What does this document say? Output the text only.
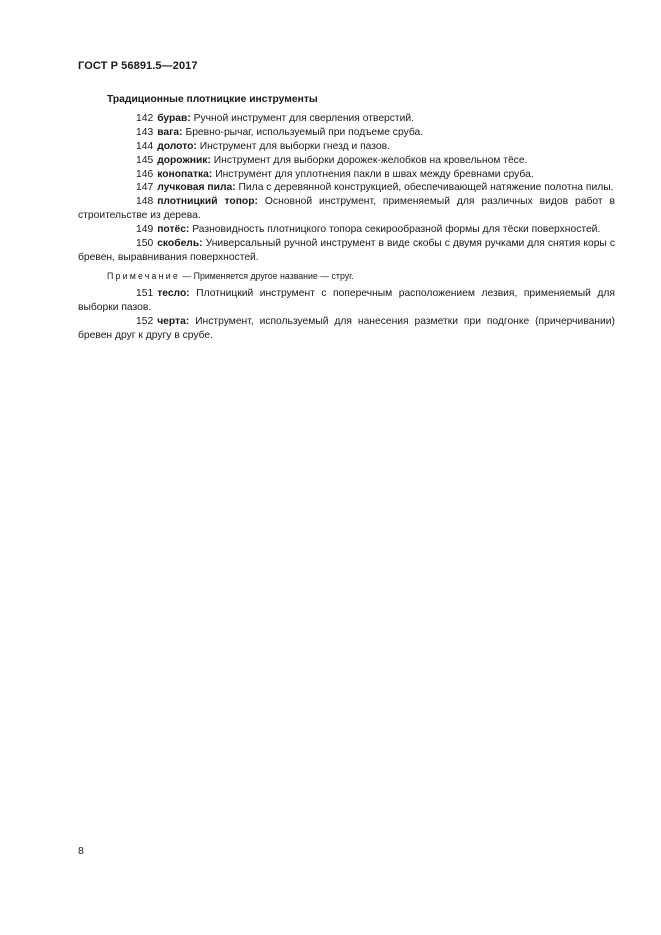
ГОСТ Р 56891.5—2017

Традиционные плотницкие инструменты

142 бурав: Ручной инструмент для сверления отверстий.

143 вага: Бревно-рычаг, используемый при подъеме сруба.

144 долото: Инструмент для выборки гнезд и пазов.

145 дорожник: Инструмент для выборки дорожек-желобков на кровельном тёсе.

146 конопатка: Инструмент для уплотнения пакли в швах между бревнами сруба.

147 лучковая пила: Пила с деревянной конструкцией, обеспечивающей натяжение полотна пилы.

148 плотницкий топор: Основной инструмент, применяемый для различных видов работ в строительстве из дерева.

149 потёс: Разновидность плотницкого топора секирообразной формы для тёски поверхностей.

150 скобель: Универсальный ручной инструмент в виде скобы с двумя ручками для снятия коры с бревен, выравнивания поверхностей.

Примечание — Применяется другое название — струг.

151 тесло: Плотницкий инструмент с поперечным расположением лезвия, применяемый для выборки пазов.

152 черта: Инструмент, используемый для нанесения разметки при подгонке (причерчивании) бревен друг к другу в срубе.

8
